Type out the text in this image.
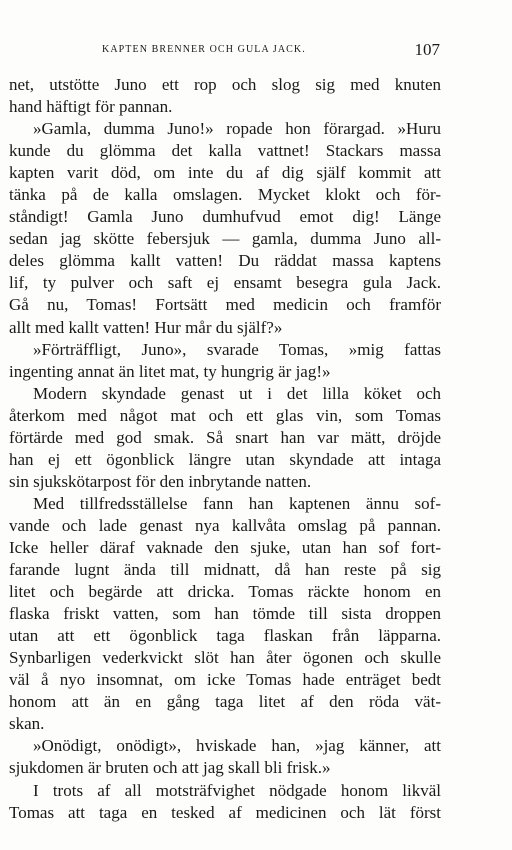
KAPTEN BRENNER OCH GULA JACK.	107
net, utstötte Juno ett rop och slog sig med knuten
hand häftigt för pannan.
»Gamla, dumma Juno!» ropade hon förargad. »Huru
kunde du glömma det kalla vattnet! Stackars massa
kapten varit död, om inte du af dig själf kommit att
tänka på de kalla omslagen. Mycket klokt och för-
ståndigt! Gamla Juno dumhufvud emot dig! Länge
sedan jag skötte febersjuk — gamla, dumma Juno all-
deles glömma kallt vatten! Du räddat massa kaptens
lif, ty pulver och saft ej ensamt besegra gula Jack.
Gå nu, Tomas! Fortsätt med medicin och framför
allt med kallt vatten! Hur mår du själf?»
»Förträffligt, Juno», svarade Tomas, »mig fattas
ingenting annat än litet mat, ty hungrig är jag!»
Modern skyndade genast ut i det lilla köket och
återkom med något mat och ett glas vin, som Tomas
förtärde med god smak. Så snart han var mätt, dröjde
han ej ett ögonblick längre utan skyndade att intaga
sin sjukskötarpost för den inbrytande natten.
Med tillfredsställelse fann han kaptenen ännu sof-
vande och lade genast nya kallvåta omslag på pannan.
Icke heller däraf vaknade den sjuke, utan han sof fort-
farande lugnt ända till midnatt, då han reste på sig
litet och begärde att dricka. Tomas räckte honom en
flaska friskt vatten, som han tömde till sista droppen
utan att ett ögonblick taga flaskan från läpparna.
Synbarligen vederkvickt slöt han åter ögonen och skulle
väl å nyo insomnat, om icke Tomas hade enträget bedt
honom att än en gång taga litet af den röda vät-
skan.
»Onödigt, onödigt», hviskade han, »jag känner, att
sjukdomen är bruten och att jag skall bli frisk.»
I trots af all motsträfvighet nödgade honom likväl
Tomas att taga en tesked af medicinen och lät först
